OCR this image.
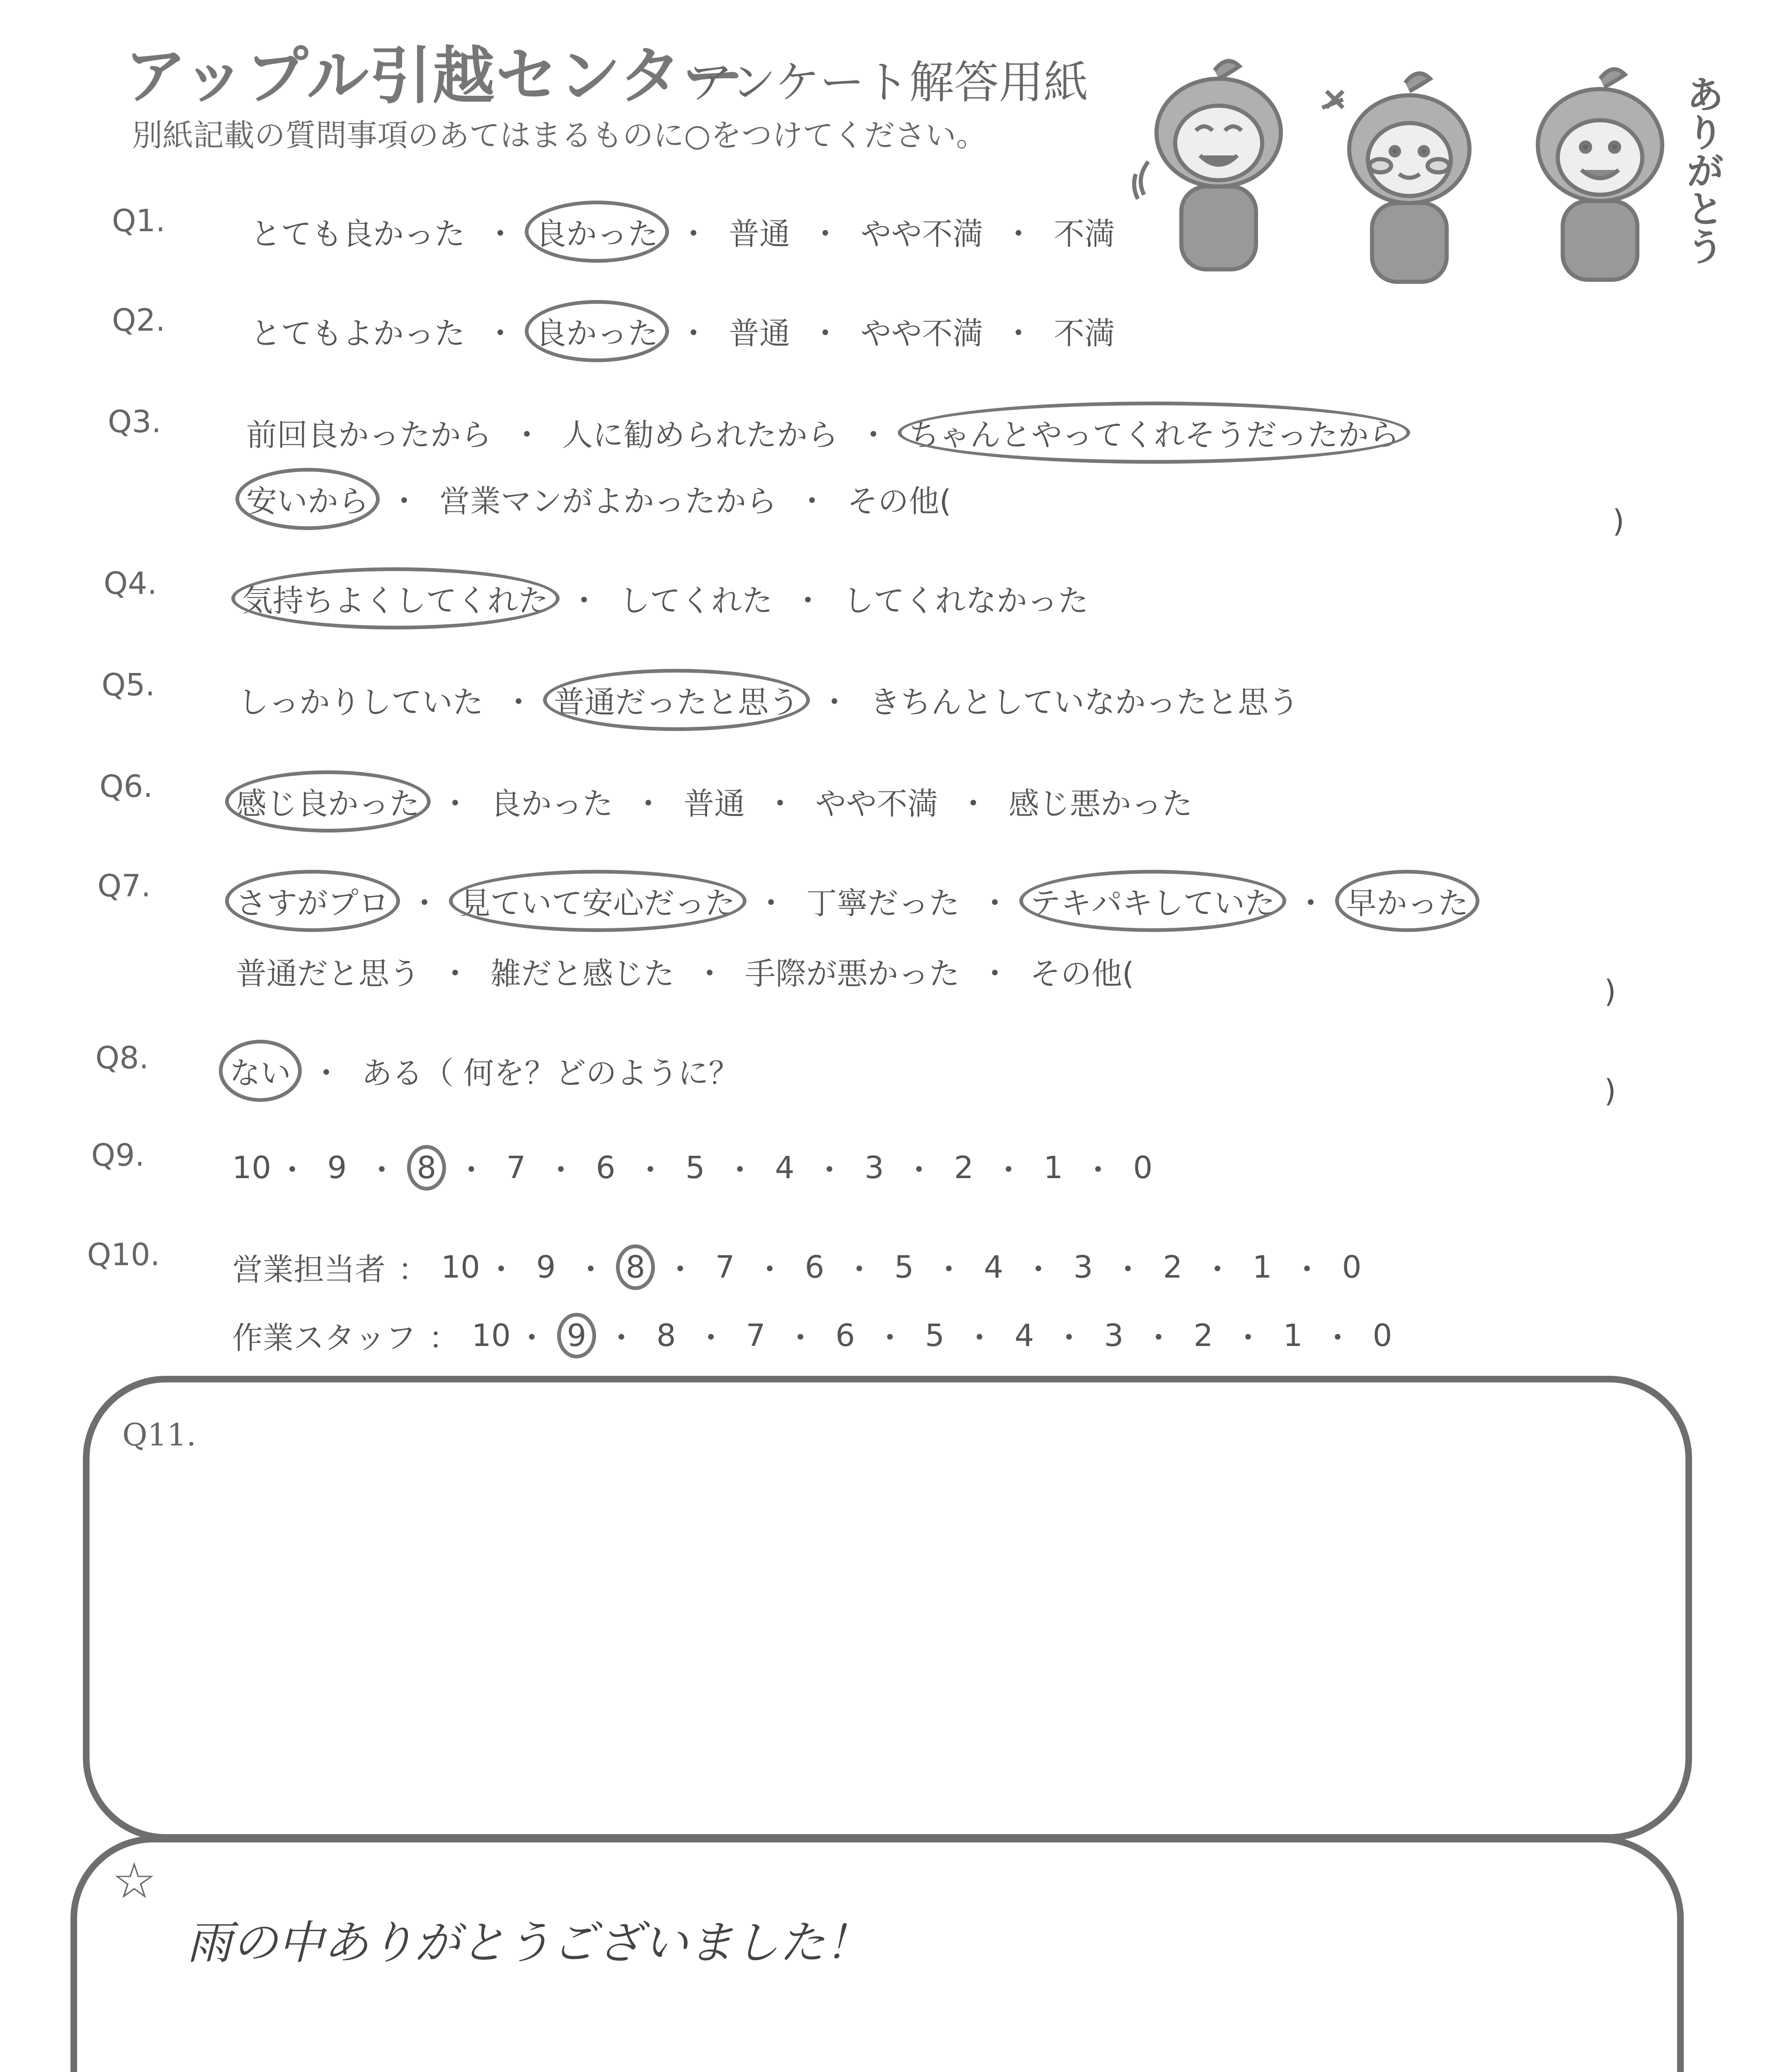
アップル引越センター
アンケート解答用紙
別紙記載の質問事項のあてはまるものに○をつけてください。	ありがとう
Q1.	とても良かった ・ 良かった ・ 普通 ・ やや不満 ・ 不満
Q2.	とてもよかった ・ 良かった ・ 普通 ・ やや不満 ・ 不満
Q3.	前回良かったから ・ 人に勧められたから ・ ちゃんとやってくれそうだったから
安いから ・ 営業マンがよかったから ・ その他(
)
Q4.	気持ちよくしてくれた ・ してくれた ・ してくれなかった
Q5.	しっかりしていた ・ 普通だったと思う ・ きちんとしていなかったと思う
Q6.	感じ良かった ・ 良かった ・ 普通 ・ やや不満 ・ 感じ悪かった
Q7.	さすがプロ ・ 見ていて安心だった ・ 丁寧だった ・ テキパキしていた ・ 早かった
普通だと思う ・ 雑だと感じた ・ 手際が悪かった ・ その他(	)
Q8.	ない ・ ある（ 何を？どのように？	)
Q9.	10 ・ 9 ・ 8 ・ 7 ・ 6 ・ 5 ・ 4 ・ 3 ・ 2 ・ 1 ・ 0
Q10. 営業担当者 ： 10 ・ 9 ・ 8 ・ 7 ・ 6 ・ 5 ・ 4 ・ 3 ・ 2 ・ 1 ・ 0
作業スタッフ ： 10 ・ 9 ・ 8 ・ 7 ・ 6 ・ 5 ・ 4 ・ 3 ・ 2 ・ 1 ・ 0
Q11.
☆
雨の中ありがとうございました！
